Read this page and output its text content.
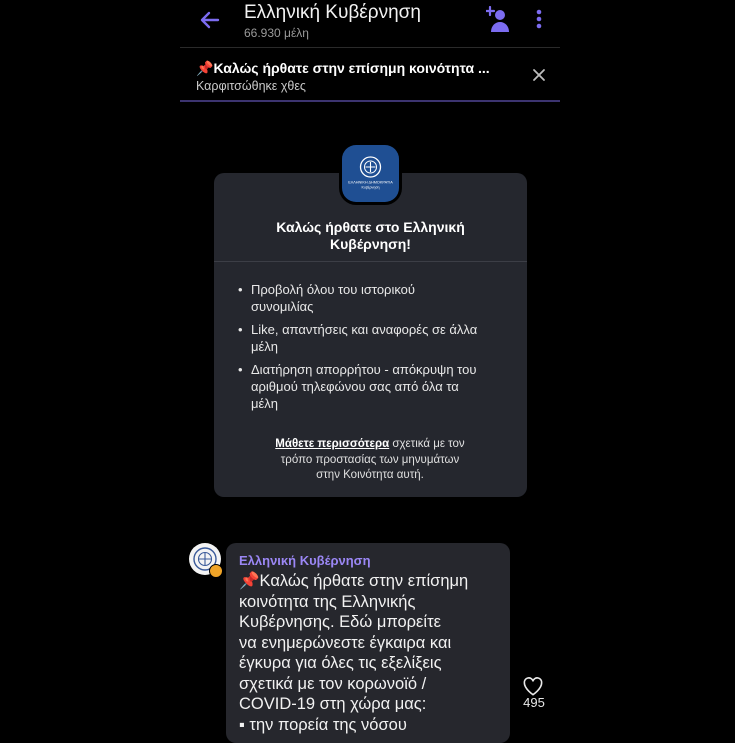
Ελληνική Κυβέρνηση
66.930 μέλη
📌Καλώς ήρθατε στην επίσημη κοινότητα ...
Καρφιτσώθηκε χθες
ΕΛΛΗΝΙΚΗ ΔΗΜΟΚΡΑΤΙΑ
Κυβέρνηση
Καλώς ήρθατε στο Ελληνική
Κυβέρνηση!
• Προβολή όλου του ιστορικού
συνομιλίας
• Like, απαντήσεις και αναφορές σε άλλα
μέλη
• Διατήρηση απορρήτου - απόκρυψη του
αριθμού τηλεφώνου σας από όλα τα
μέλη
Μάθετε περισσότερα σχετικά με τον
τρόπο προστασίας των μηνυμάτων
στην Κοινότητα αυτή.
Ελληνική Κυβέρνηση
📌Καλώς ήρθατε στην επίσημη
κοινότητα της Ελληνικής
Κυβέρνησης. Εδώ μπορείτε
να ενημερώνεστε έγκαιρα και
έγκυρα για όλες τις εξελίξεις
σχετικά με τον κορωνοϊό /
COVID-19 στη χώρα μας:
▪ την πορεία της νόσου
495
